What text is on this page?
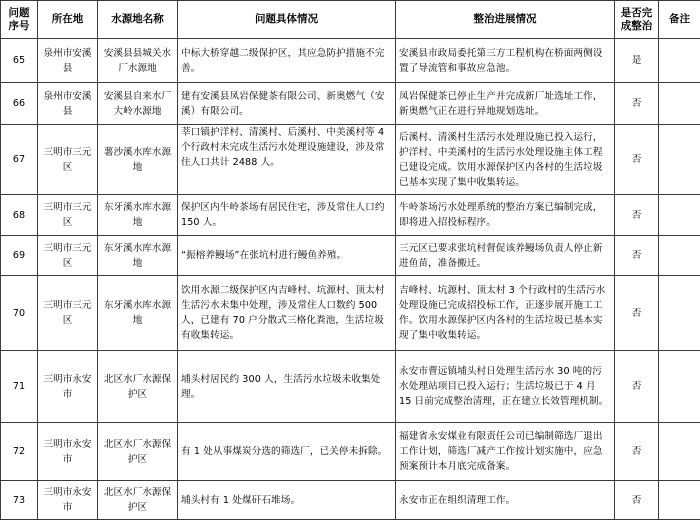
问题序号	所在地	水源地名称	问题具体情况	整治进展情况	是否完成整治	备注
65	泉州市安溪县	安溪县县城关水厂水源地	中标大桥穿越二级保护区，其应急防护措施不完善。	安溪县市政局委托第三方工程机构在桥面两侧设置了导流管和事故应急池。	是	
66	泉州市安溪县	安溪县自来水厂大岭水源地	建有安溪县凤岩保健茶有限公司、新奥燃气（安溪）有限公司。	凤岩保健茶已停止生产并完成新厂址选址工作，新奥燃气正在进行异地规划选址。	否	
67	三明市三元区	薯沙溪水库水源地	莘口镇护洋村、清溪村、后溪村、中美溪村等 4 个行政村未完成生活污水处理设施建设，涉及常住人口共计 2488 人。	后溪村、清溪村生活污水处理设施已投入运行，护洋村、中美溪村的生活污水处理设施主体工程已建设完成。饮用水源保护区内各村的生活垃圾已基本实现了集中收集转运。	否	
68	三明市三元区	东牙溪水库水源地	保护区内牛岭茶场有居民住宅，涉及常住人口约 150 人。	牛岭茶场污水处理系统的整治方案已编制完成，即将进入招投标程序。	否	
69	三明市三元区	东牙溪水库水源地	“振榕养鳗场”在张坑村进行鳗鱼养殖。	三元区已要求张坑村督促该养鳗场负责人停止新进鱼苗，准备搬迁。	否	
70	三明市三元区	东牙溪水库水源地	饮用水源二级保护区内吉峰村、坑源村、顶太村生活污水未集中处理，涉及常住人口数约 500 人，已建有 70 户分散式三格化粪池，生活垃圾有收集转运。	吉峰村、坑源村、顶太村 3 个行政村的生活污水处理设施已完成招投标工作，正逐步展开施工工作。饮用水源保护区内各村的生活垃圾已基本实现了集中收集转运。	否	
71	三明市永安市	北区水厂水源保护区	埔头村居民约 300 人，生活污水垃圾未收集处理。	永安市曹远镇埔头村日处理生活污水 30 吨的污水处理站项目已投入运行；生活垃圾已于 4 月 15 日前完成整治清理，正在建立长效管理机制。	否	
72	三明市永安市	北区水厂水源保护区	有 1 处从事煤炭分选的筛选厂，已关停未拆除。	福建省永安煤业有限责任公司已编制筛选厂退出工作计划，筛选厂减产工作按计划实施中，应急预案预计本月底完成备案。	否	
73	三明市永安市	北区水厂水源保护区	埔头村有 1 处煤矸石堆场。	永安市正在组织清理工作。	否	
